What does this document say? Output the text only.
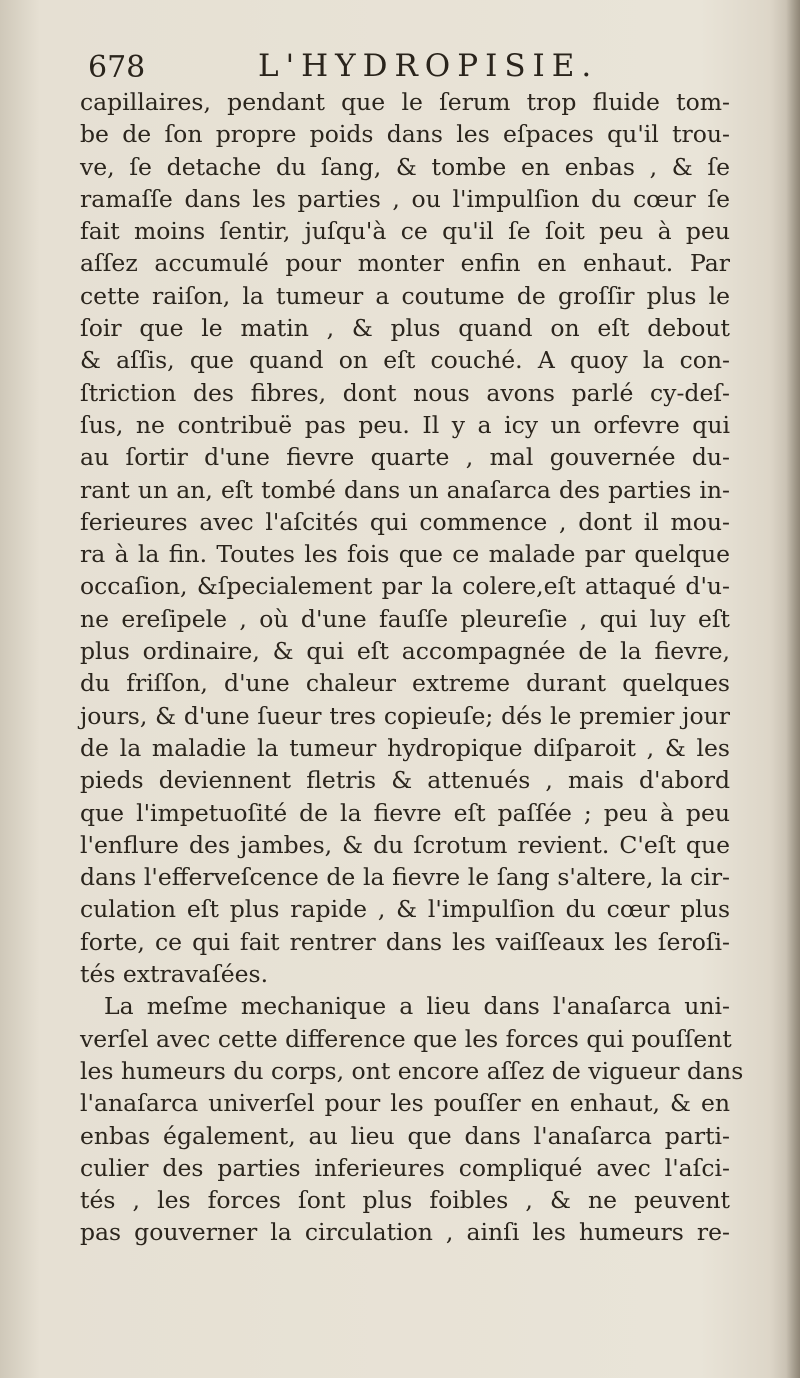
678	L'HYDROPISIE.
capillaires, pendant que le ſerum trop fluide tom-
be de ſon propre poids dans les eſpaces qu'il trou-
ve, ſe detache du ſang, & tombe en enbas , & ſe
ramaſſe dans les parties , ou l'impulſion du cœur ſe
fait moins ſentir, juſqu'à ce qu'il ſe ſoit peu à peu
aſſez accumulé pour monter enfin en enhaut. Par
cette raiſon, la tumeur a coutume de groſſir plus le
ſoir que le matin , & plus quand on eſt debout
& aſſis, que quand on eſt couché. A quoy la con-
ſtriction des fibres, dont nous avons parlé cy-deſ-
ſus, ne contribuë pas peu. Il y a icy un orfevre qui
au ſortir d'une fievre quarte , mal gouvernée du-
rant un an, eſt tombé dans un anaſarca des parties in-
ferieures avec l'aſcités qui commence , dont il mou-
ra à la fin. Toutes les fois que ce malade par quelque
occaſion, &ſpecialement par la colere,eſt attaqué d'u-
ne ereſipele , où d'une fauſſe pleureſie , qui luy eſt
plus ordinaire, & qui eſt accompagnée de la fievre,
du friſſon, d'une chaleur extreme durant quelques
jours, & d'une ſueur tres copieuſe; dés le premier jour
de la maladie la tumeur hydropique diſparoit , & les
pieds deviennent fletris & attenués , mais d'abord
que l'impetuoſité de la fievre eſt paſſée ; peu à peu
l'enflure des jambes, & du ſcrotum revient. C'eſt que
dans l'efferveſcence de la fievre le ſang s'altere, la cir-
culation eſt plus rapide , & l'impulſion du cœur plus
forte, ce qui fait rentrer dans les vaiſſeaux les ſeroſi-
tés extravaſées.
La meſme mechanique a lieu dans l'anaſarca uni-
verſel avec cette difference que les forces qui pouſſent
les humeurs du corps, ont encore aſſez de vigueur dans
l'anaſarca univerſel pour les pouſſer en enhaut, & en
enbas également, au lieu que dans l'anaſarca parti-
culier des parties inferieures compliqué avec l'aſci-
tés , les forces ſont plus foibles , & ne peuvent
pas gouverner la circulation , ainſi les humeurs re-
